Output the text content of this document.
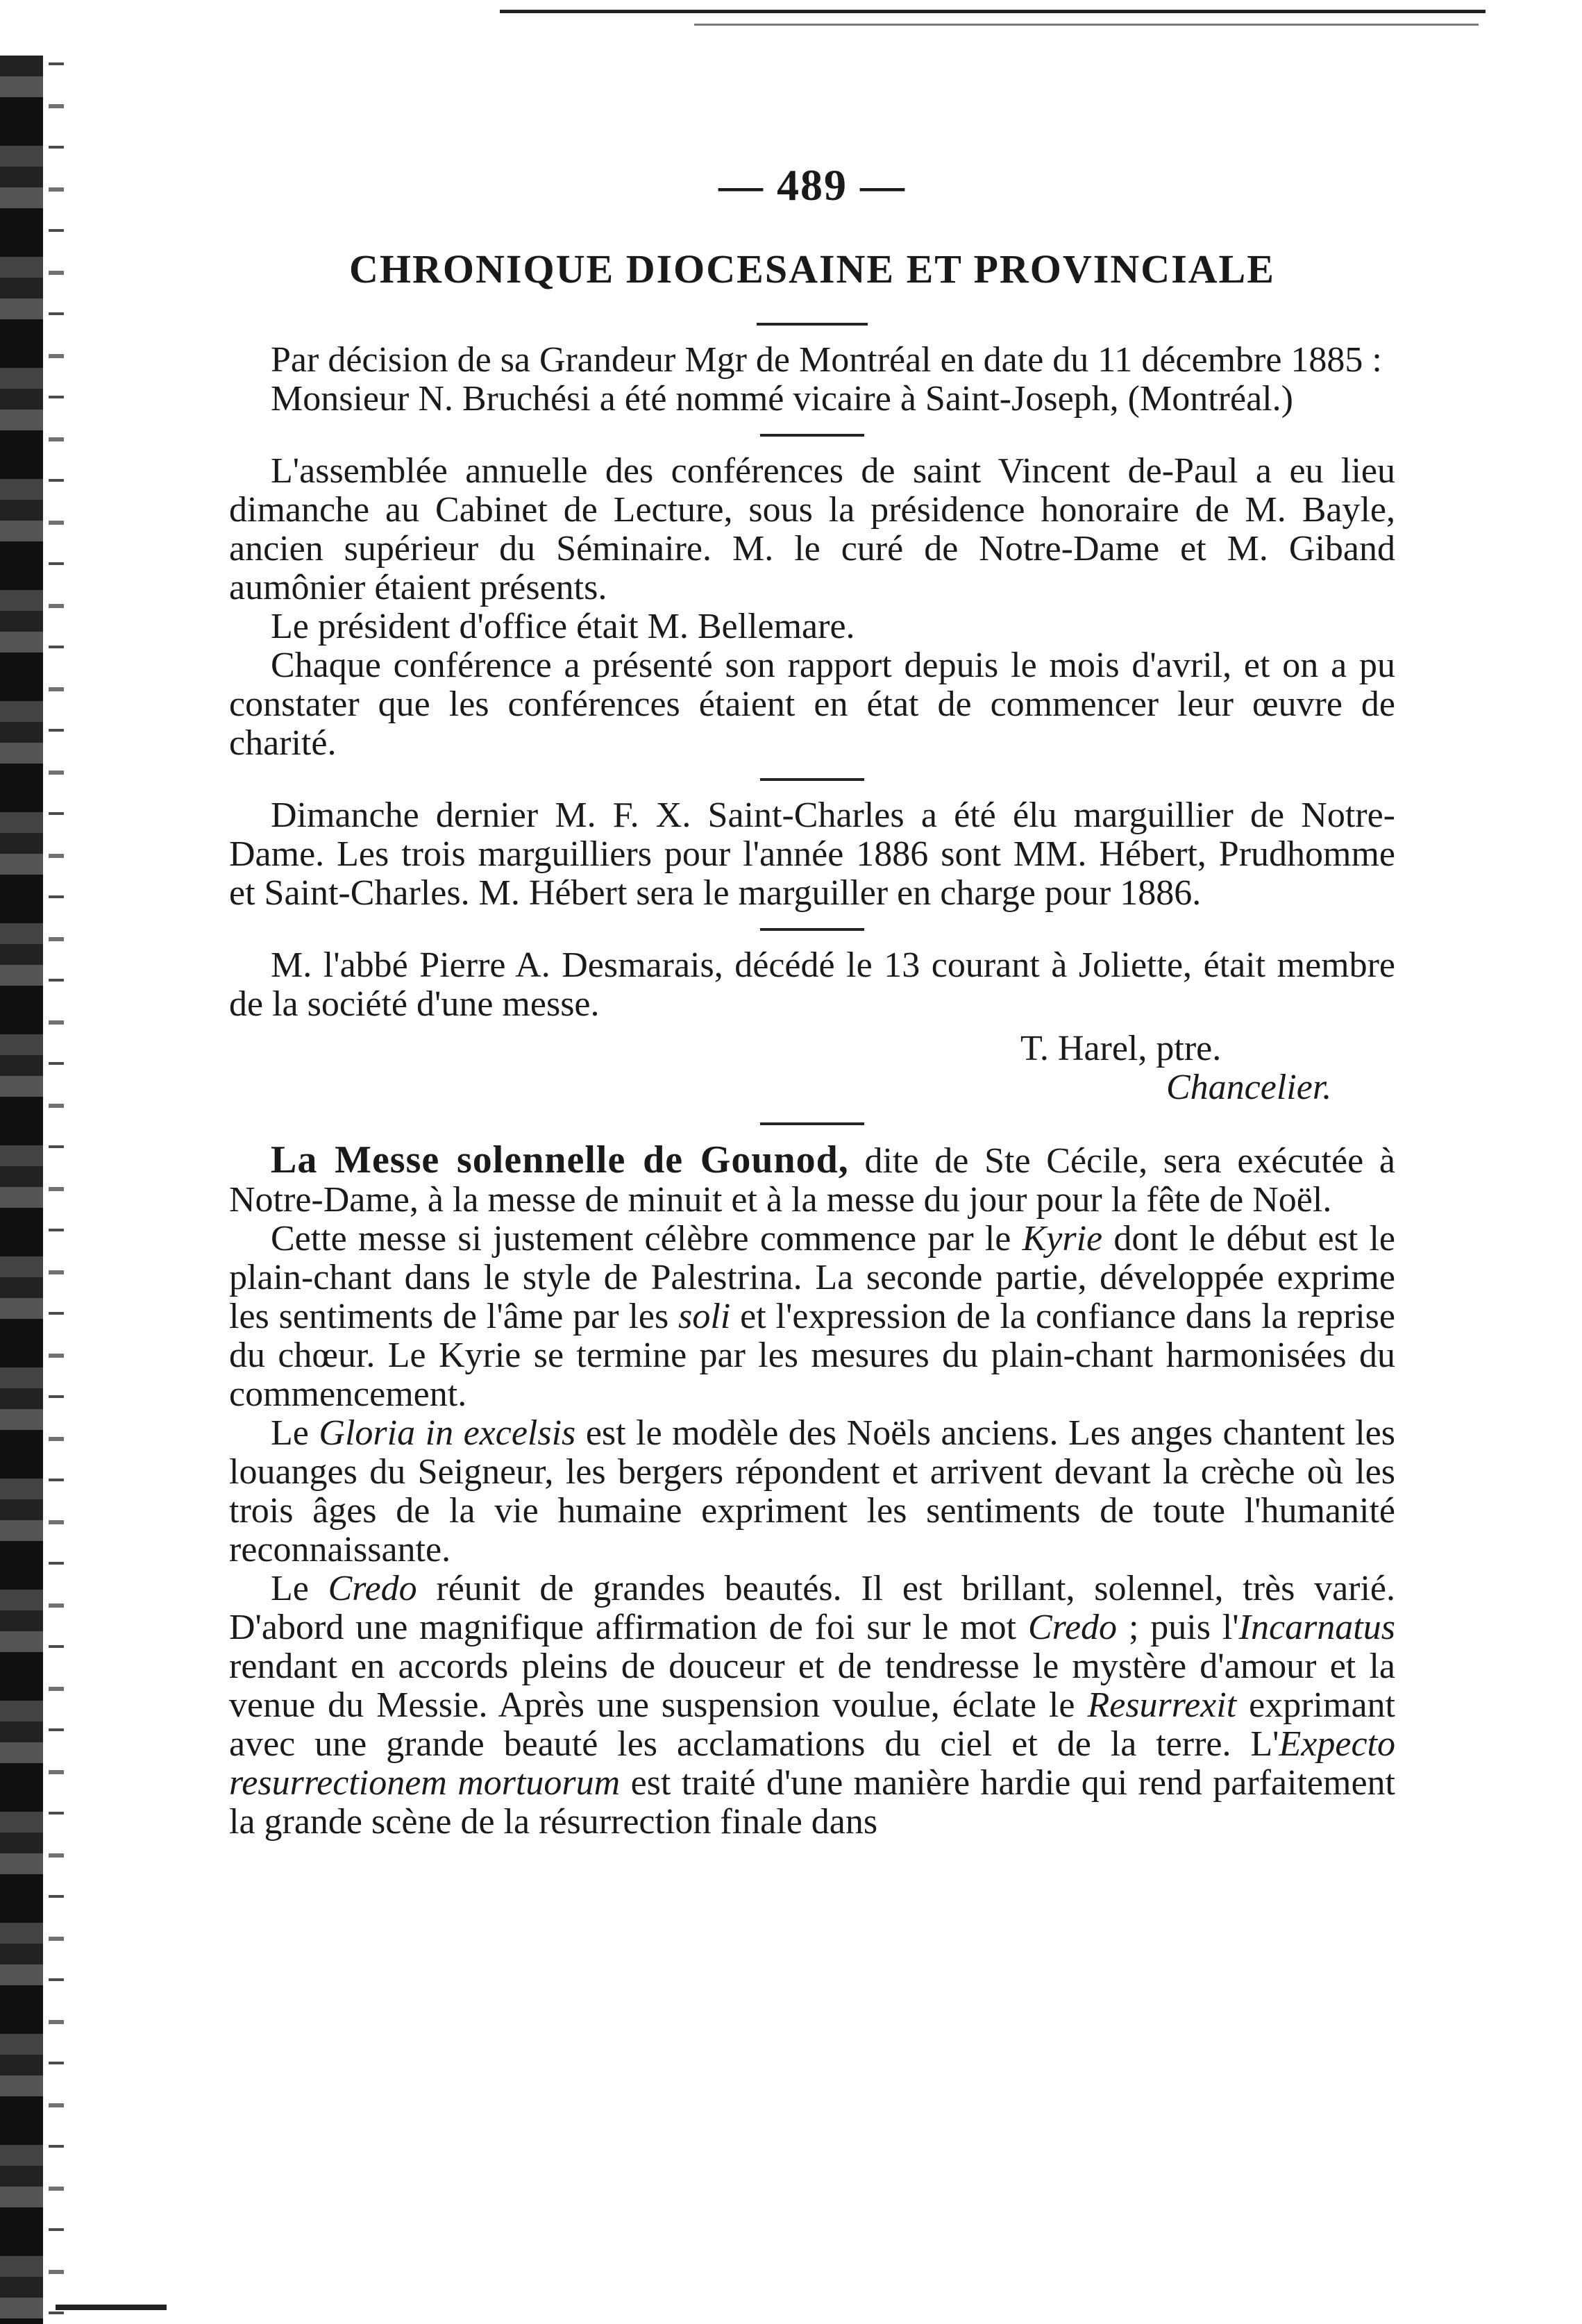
— 489 —
CHRONIQUE DIOCESAINE ET PROVINCIALE

Par décision de sa Grandeur Mgr de Montréal en date du 11 décembre 1885 :

Monsieur N. Bruchési a été nommé vicaire à Saint-Joseph, (Montréal.)

L'assemblée annuelle des conférences de saint Vincent de-Paul a eu lieu dimanche au Cabinet de Lecture, sous la présidence honoraire de M. Bayle, ancien supérieur du Séminaire. M. le curé de Notre-Dame et M. Giband aumônier étaient présents.

Le président d'office était M. Bellemare.

Chaque conférence a présenté son rapport depuis le mois d'avril, et on a pu constater que les conférences étaient en état de commencer leur œuvre de charité.

Dimanche dernier M. F. X. Saint-Charles a été élu marguillier de Notre-Dame. Les trois marguilliers pour l'année 1886 sont MM. Hébert, Prudhomme et Saint-Charles. M. Hébert sera le marguiller en charge pour 1886.

M. l'abbé Pierre A. Desmarais, décédé le 13 courant à Joliette, était membre de la société d'une messe.

T. Harel, ptre.
Chancelier.

La Messe solennelle de Gounod, dite de Ste Cécile, sera exécutée à Notre-Dame, à la messe de minuit et à la messe du jour pour la fête de Noël.

Cette messe si justement célèbre commence par le Kyrie dont le début est le plain-chant dans le style de Palestrina. La seconde partie, développée exprime les sentiments de l'âme par les soli et l'expression de la confiance dans la reprise du chœur. Le Kyrie se termine par les mesures du plain-chant harmonisées du commencement.

Le Gloria in excelsis est le modèle des Noëls anciens. Les anges chantent les louanges du Seigneur, les bergers répondent et arrivent devant la crèche où les trois âges de la vie humaine expriment les sentiments de toute l'humanité reconnaissante.

Le Credo réunit de grandes beautés. Il est brillant, solennel, très varié. D'abord une magnifique affirmation de foi sur le mot Credo ; puis l'Incarnatus rendant en accords pleins de douceur et de tendresse le mystère d'amour et la venue du Messie. Après une suspension voulue, éclate le Resurrexit exprimant avec une grande beauté les acclamations du ciel et de la terre. L'Expecto resurrectionem mortuorum est traité d'une manière hardie qui rend parfaitement la grande scène de la résurrection finale dans
